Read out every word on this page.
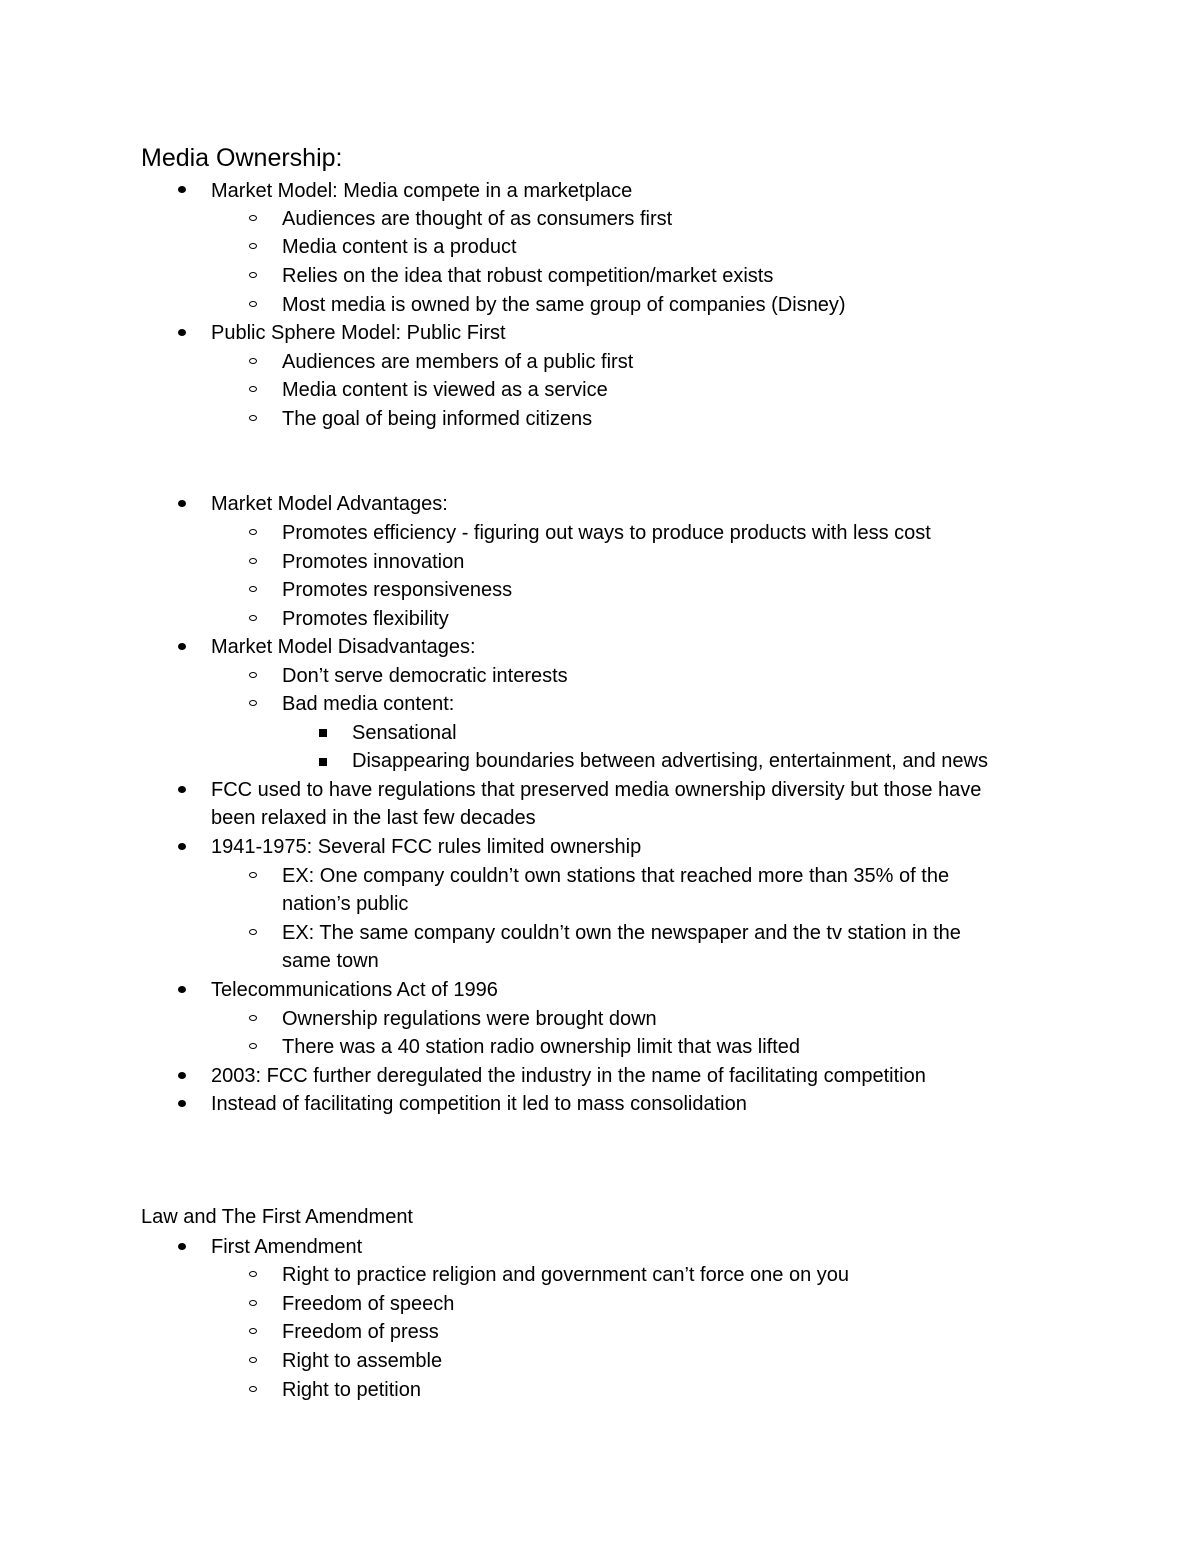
Media Ownership:
Market Model: Media compete in a marketplace
Audiences are thought of as consumers first
Media content is a product
Relies on the idea that robust competition/market exists
Most media is owned by the same group of companies (Disney)
Public Sphere Model: Public First
Audiences are members of a public first
Media content is viewed as a service
The goal of being informed citizens
Market Model Advantages:
Promotes efficiency - figuring out ways to produce products with less cost
Promotes innovation
Promotes responsiveness
Promotes flexibility
Market Model Disadvantages:
Don’t serve democratic interests
Bad media content:
Sensational
Disappearing boundaries between advertising, entertainment, and news
FCC used to have regulations that preserved media ownership diversity but those have
been relaxed in the last few decades
1941-1975: Several FCC rules limited ownership
EX: One company couldn’t own stations that reached more than 35% of the
nation’s public
EX: The same company couldn’t own the newspaper and the tv station in the
same town
Telecommunications Act of 1996
Ownership regulations were brought down
There was a 40 station radio ownership limit that was lifted
2003: FCC further deregulated the industry in the name of facilitating competition
Instead of facilitating competition it led to mass consolidation
Law and The First Amendment
First Amendment
Right to practice religion and government can’t force one on you
Freedom of speech
Freedom of press
Right to assemble
Right to petition
